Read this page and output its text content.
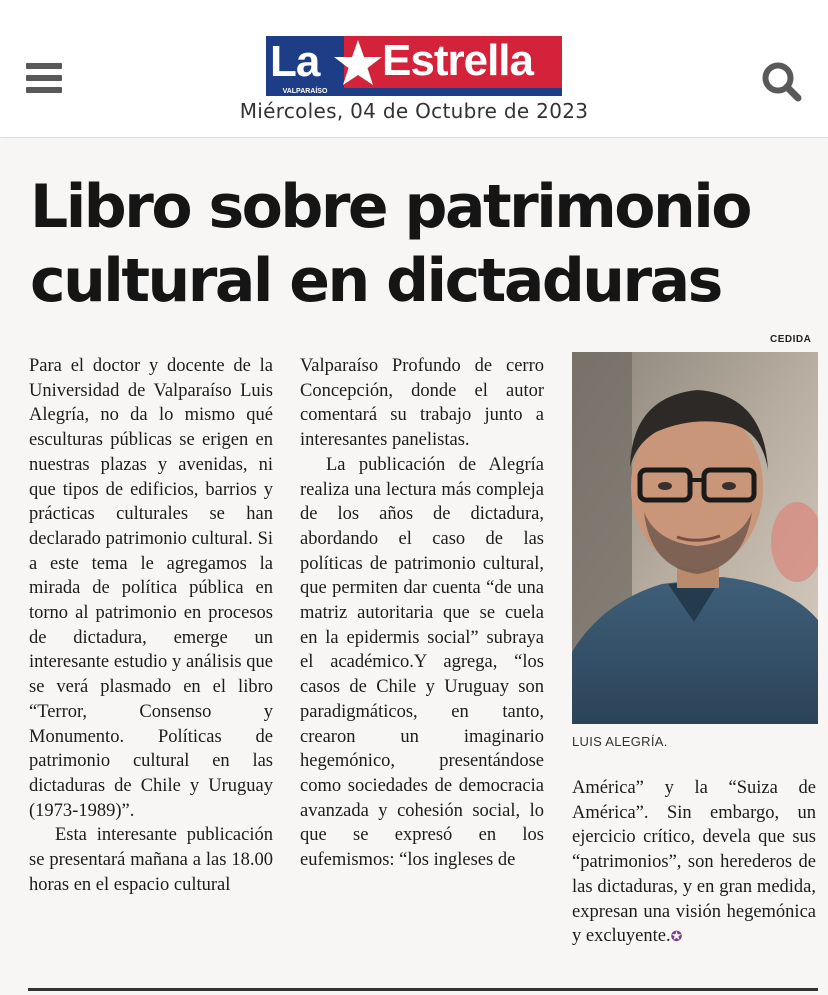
La Estrella
VALPARAÍSO
Miércoles, 04 de Octubre de 2023
Libro sobre patrimonio
cultural en dictaduras
CEDIDA

Para el doctor y docente de la Universidad de Valparaíso Luis Alegría, no da lo mismo qué esculturas públicas se erigen en nuestras plazas y avenidas, ni que tipos de edificios, barrios y prácticas culturales se han declarado patrimonio cultural. Si a este tema le agregamos la mirada de política pública en torno al patrimonio en procesos de dictadura, emerge un interesante estudio y análisis que se verá plasmado en el libro “Terror, Consenso y Monumento. Políticas de patrimonio cultural en las dictaduras de Chile y Uruguay (1973-1989)”.

Esta interesante publicación se presentará mañana a las 18.00 horas en el espacio cultural

Valparaíso Profundo de cerro Concepción, donde el autor comentará su trabajo junto a interesantes panelistas.

La publicación de Alegría realiza una lectura más compleja de los años de dictadura, abordando el caso de las políticas de patrimonio cultural, que permiten dar cuenta “de una matriz autoritaria que se cuela en la epidermis social” subraya el académico.Y agrega, “los casos de Chile y Uruguay son paradigmáticos, en tanto, crearon un imaginario hegemónico, presentándose como sociedades de democracia avanzada y cohesión social, lo que se expresó en los eufemismos: “los ingleses de

LUIS ALEGRÍA.

América” y la “Suiza de América”. Sin embargo, un ejercicio crítico, devela que sus “patrimonios”, son herederos de las dictaduras, y en gran medida, expresan una visión hegemónica y excluyente.✪
